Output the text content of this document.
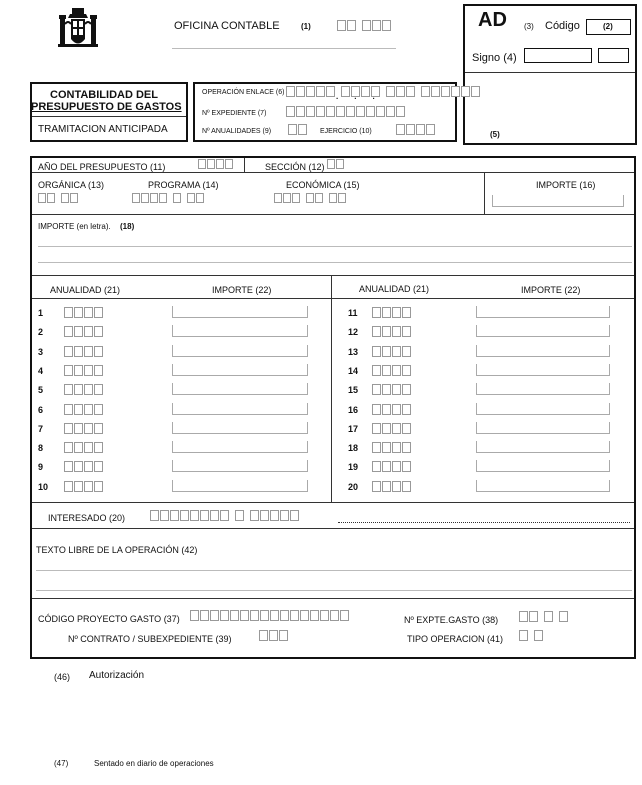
OFICINA CONTABLE	(1)	AD (3) Código	(2)
Signo (4)
(5)
CONTABILIDAD DEL
PRESUPUESTO DE GASTOS
TRAMITACION ANTICIPADA
OPERACIÓN ENLACE (6)	...
Nº EXPEDIENTE (7)
Nº ANUALIDADES (9)	EJERCICIO (10)
AÑO DEL PRESUPUESTO (11)	SECCIÓN (12)
ORGÁNICA (13)	PROGRAMA (14)	ECONÓMICA (15)	IMPORTE (16)
IMPORTE (en letra). (18)
ANUALIDAD (21)	IMPORTE (22)	ANUALIDAD (21)	IMPORTE (22)
1
2
3
4
5
6
7
8
9
10
11
12
13
14
15
16
17
18
19
20
INTERESADO (20)
TEXTO LIBRE DE LA OPERACIÓN (42)
CÓDIGO PROYECTO GASTO (37)
Nº CONTRATO / SUBEXPEDIENTE (39)
Nº EXPTE.GASTO (38)
TIPO OPERACION (41)
(46) Autorización
(47)	Sentado en diario de operaciones
